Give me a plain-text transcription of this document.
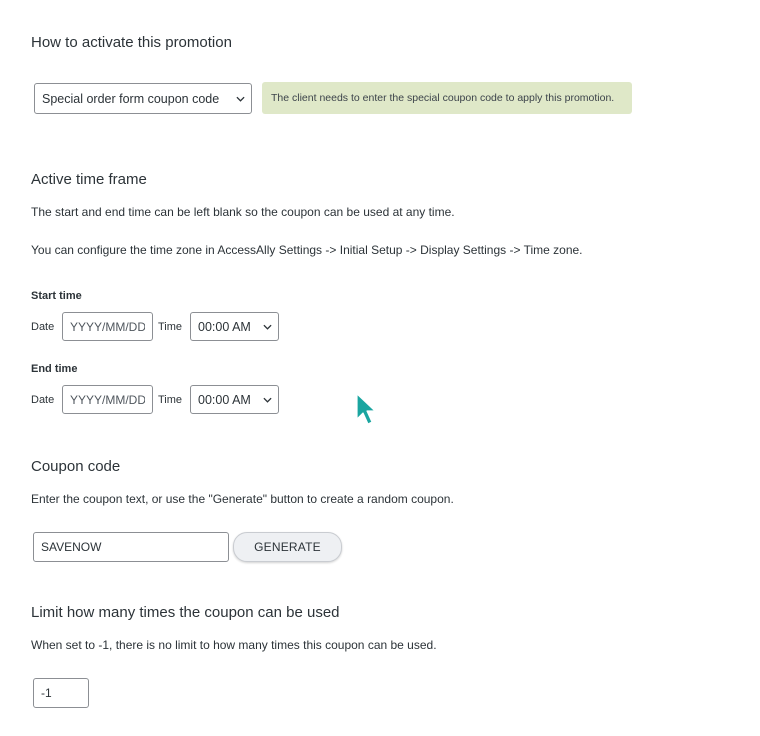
How to activate this promotion
Special order form coupon code	The client needs to enter the special coupon code to apply this promotion.
Active time frame
The start and end time can be left blank so the coupon can be used at any time.
You can configure the time zone in AccessAlly Settings -> Initial Setup -> Display Settings -> Time zone.
Start time
Date
YYYY/MM/DD	Time 00:00 AM
End time
Date
YYYY/MM/DD	Time 00:00 AM
Coupon code
Enter the coupon text, or use the "Generate" button to create a random coupon.
SAVENOW
GENERATE
Limit how many times the coupon can be used
When set to -1, there is no limit to how many times this coupon can be used.
-1
